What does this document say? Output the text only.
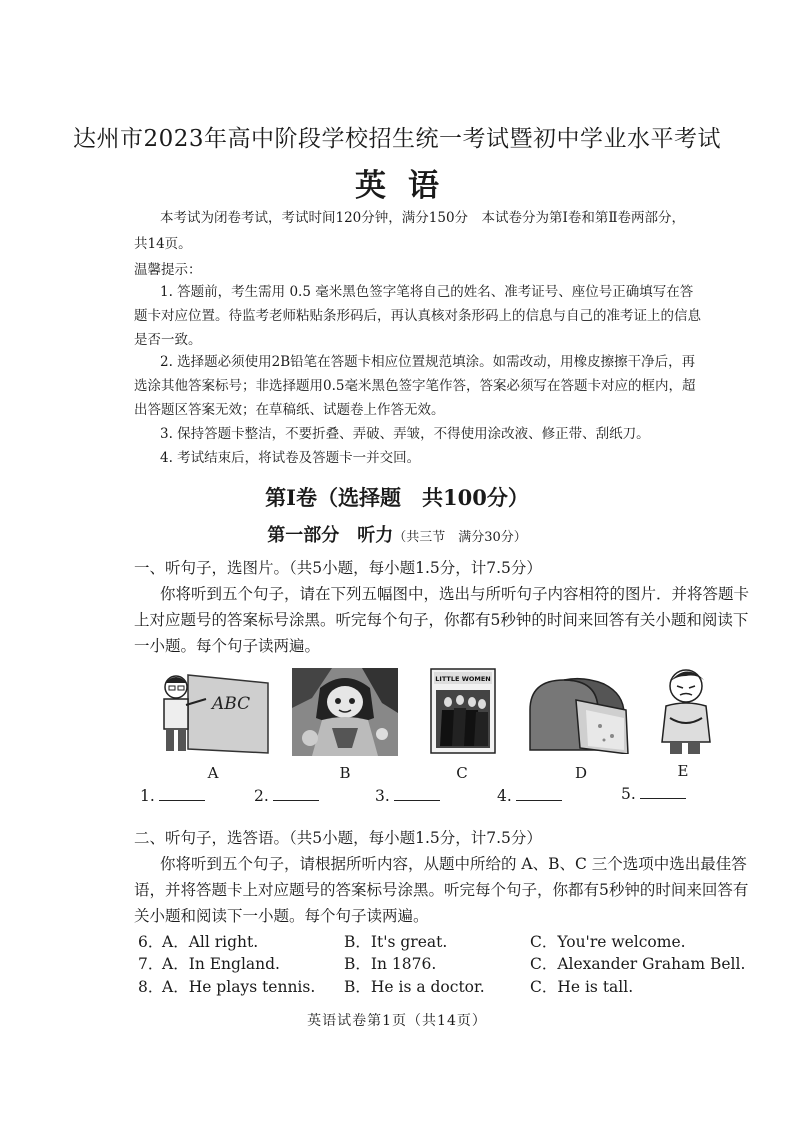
达州市2023年高中阶段学校招生统一考试暨初中学业水平考试
英语
本考试为闭卷考试，考试时间120分钟，满分150分　本试卷分为第Ⅰ卷和第Ⅱ卷两部分，
共14页。
温馨提示：
1. 答题前，考生需用 0.5 毫米黑色签字笔将自己的姓名、准考证号、座位号正确填写在答
题卡对应位置。待监考老师粘贴条形码后，再认真核对条形码上的信息与自己的准考证上的信息
是否一致。
2. 选择题必须使用2B铅笔在答题卡相应位置规范填涂。如需改动，用橡皮擦擦干净后，再
选涂其他答案标号；非选择题用0.5毫米黑色签字笔作答，答案必须写在答题卡对应的框内，超
出答题区答案无效；在草稿纸、试题卷上作答无效。
3. 保持答题卡整洁，不要折叠、弄破、弄皱，不得使用涂改液、修正带、刮纸刀。
4. 考试结束后，将试卷及答题卡一并交回。
第Ⅰ卷（选择题　共100分）
第一部分　听力（共三节　满分30分）
一、听句子，选图片。（共5小题，每小题1.5分，计7.5分）
你将听到五个句子，请在下列五幅图中，选出与所听句子内容相符的图片．并将答题卡
上对应题号的答案标号涂黑。听完每个句子，你都有5秒钟的时间来回答有关小题和阅读下
一小题。每个句子读两遍。
ABC
LITTLE WOMEN
A	B	C	D	E
1.	2.	3.	4.	5.
二、听句子，选答语。（共5小题，每小题1.5分，计7.5分）
你将听到五个句子，请根据所听内容，从题中所给的 A、B、C 三个选项中选出最佳答
语，并将答题卡上对应题号的答案标号涂黑。听完每个句子，你都有5秒钟的时间来回答有
关小题和阅读下一小题。每个句子读两遍。
6．
A．All right.	B．It's great.	C．You're welcome.
7．
A．In England.	B．In 1876.	C．Alexander Graham Bell.
8．
A．He plays tennis. B．He is a doctor.	C．He is tall.
英语试卷第1页（共14页）
